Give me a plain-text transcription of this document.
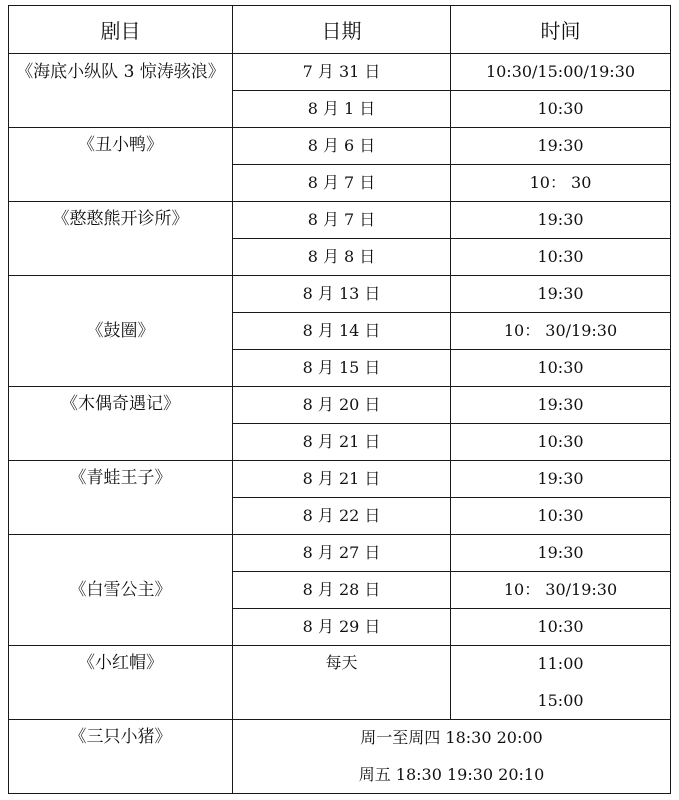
剧目	日期	时间
《海底小纵队 3 惊涛骇浪》	7 月 31 日	10:30/15:00/19:30
	8 月 1 日	10:30
《丑小鸭》	8 月 6 日	19:30
	8 月 7 日	10： 30
《憨憨熊开诊所》	8 月 7 日	19:30
	8 月 8 日	10:30
《鼓圈》	8 月 13 日	19:30
	8 月 14 日	10： 30/19:30
	8 月 15 日	10:30
《木偶奇遇记》	8 月 20 日	19:30
	8 月 21 日	10:30
《青蛙王子》	8 月 21 日	19:30
	8 月 22 日	10:30
《白雪公主》	8 月 27 日	19:30
	8 月 28 日	10： 30/19:30
	8 月 29 日	10:30
《小红帽》	每天	11:00
		15:00
《三只小猪》	周一至周四 18:30 20:00	
	周五 18:30 19:30 20:10	
